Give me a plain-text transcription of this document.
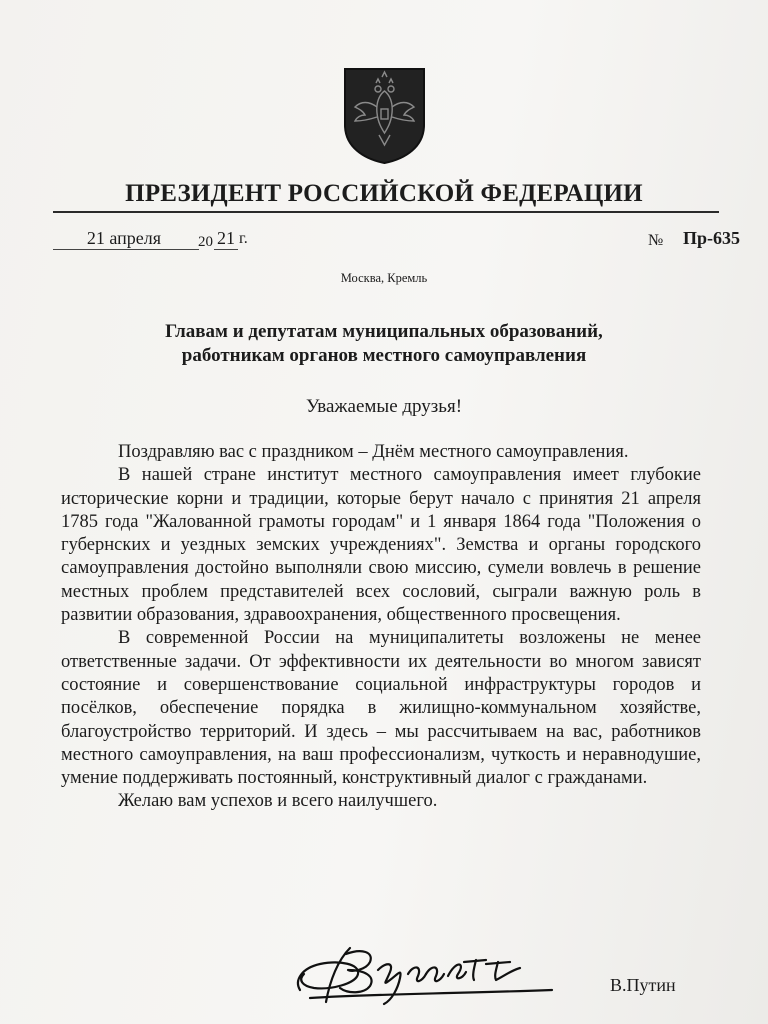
ПРЕЗИДЕНТ РОССИЙСКОЙ ФЕДЕРАЦИИ
21 апреля	20 21 г.	№ Пр-635
Москва, Кремль
Главам и депутатам муниципальных образований,
работникам органов местного самоуправления
Уважаемые друзья!

Поздравляю вас с праздником – Днём местного самоуправления.

В нашей стране институт местного самоуправления имеет глубокие исторические корни и традиции, которые берут начало с принятия 21 апреля 1785 года "Жалованной грамоты городам" и 1 января 1864 года "Положения о губернских и уездных земских учреждениях". Земства и органы городского самоуправления достойно выполняли свою миссию, сумели вовлечь в решение местных проблем представителей всех сословий, сыграли важную роль в развитии образования, здравоохранения, общественного просвещения.

В современной России на муниципалитеты возложены не менее ответственные задачи. От эффективности их деятельности во многом зависят состояние и совершенствование социальной инфраструктуры городов и посёлков, обеспечение порядка в жилищно-коммунальном хозяйстве, благоустройство территорий. И здесь – мы рассчитываем на вас, работников местного самоуправления, на ваш профессионализм, чуткость и неравнодушие, умение поддерживать постоянный, конструктивный диалог с гражданами.

Желаю вам успехов и всего наилучшего.

В.Путин
